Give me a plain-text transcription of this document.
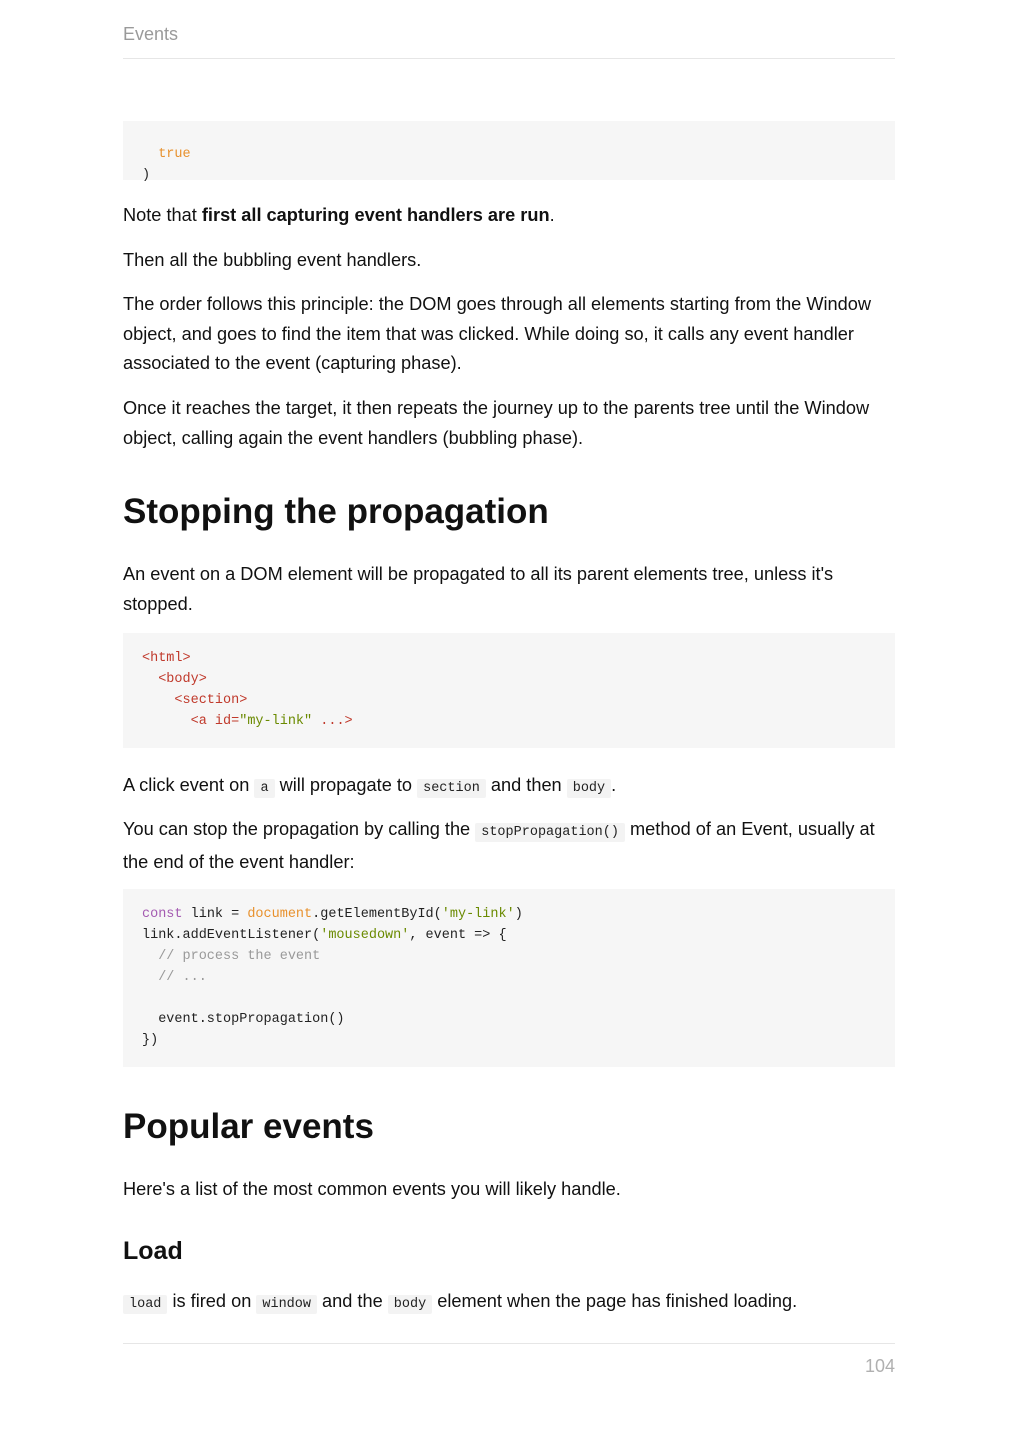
Events

true
)

Note that first all capturing event handlers are run.

Then all the bubbling event handlers.

The order follows this principle: the DOM goes through all elements starting from the Window object, and goes to find the item that was clicked. While doing so, it calls any event handler associated to the event (capturing phase).

Once it reaches the target, it then repeats the journey up to the parents tree until the Window object, calling again the event handlers (bubbling phase).

Stopping the propagation

An event on a DOM element will be propagated to all its parent elements tree, unless it's stopped.

<html>
<body>
<section>
<a id="my-link" ...>

A click event on a will propagate to section and then body .

You can stop the propagation by calling the stopPropagation() method of an Event, usually at the end of the event handler:

const link = document.getElementById('my-link')
link.addEventListener('mousedown', event => {
// process the event
// ...

event.stopPropagation()
})
Popular events

Here's a list of the most common events you will likely handle.

Load

load is fired on window and the body element when the page has finished loading.

104
